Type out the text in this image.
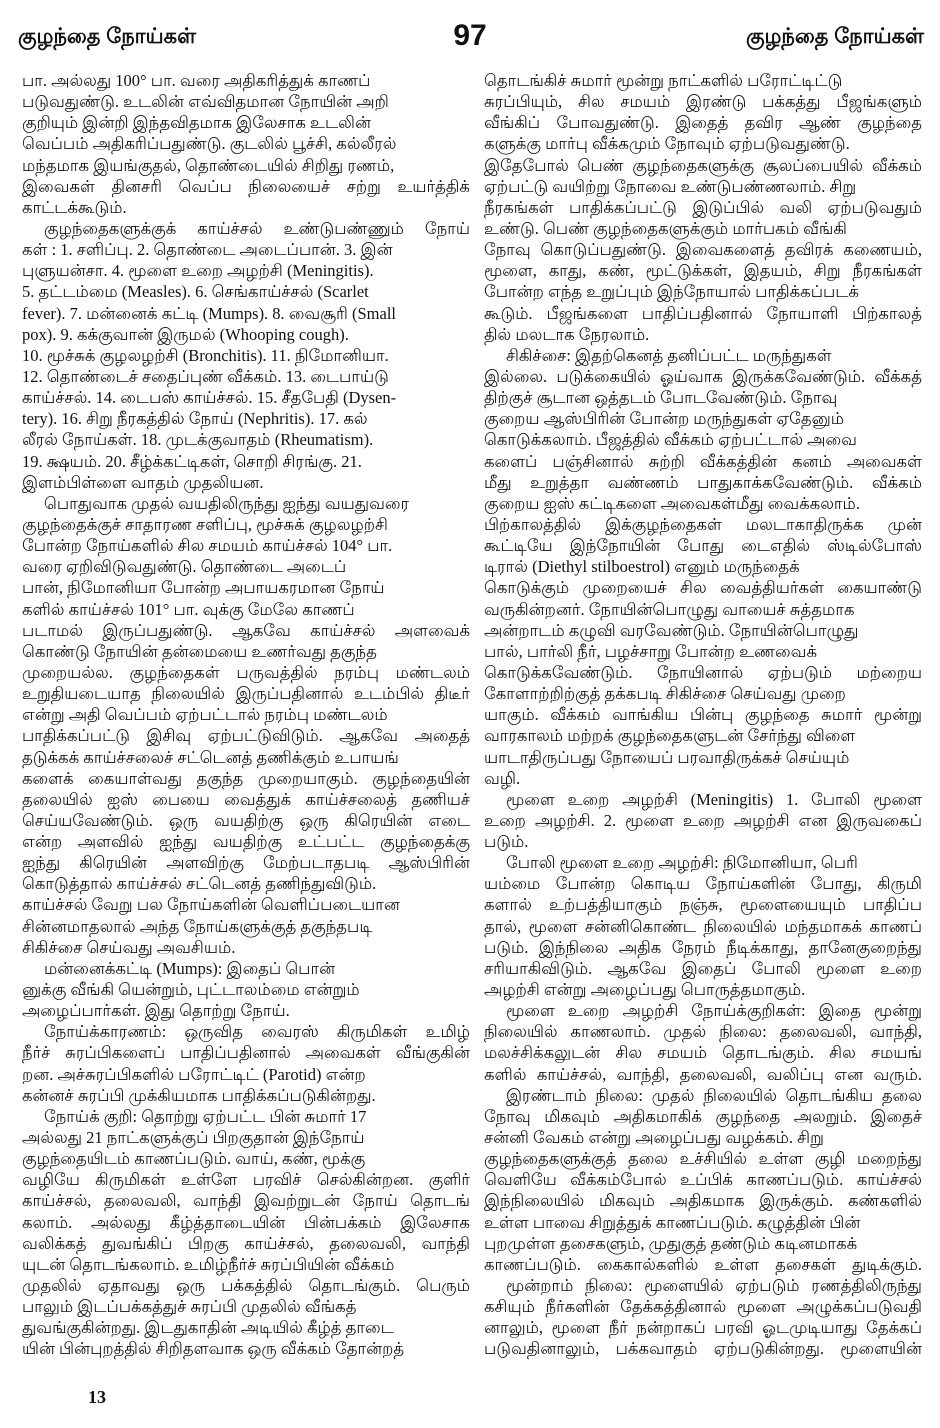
குழந்தை நோய்கள்	97	குழந்தை நோய்கள்
பா. அல்லது 100° பா. வரை அதிகரித்துக் காணப்
படுவதுண்டு. உடலின் எவ்விதமான நோயின் அறி
குறியும் இன்றி இந்தவிதமாக இலேசாக உடலின்
வெப்பம் அதிகரிப்பதுண்டு. குடலில் பூச்சி, கல்லீரல்
மந்தமாக இயங்குதல், தொண்டையில் சிறிது ரணம்,
இவைகள் தினசரி வெப்ப நிலையைச் சற்று உயர்த்திக்
காட்டக்கூடும்.
குழந்தைகளுக்குக் காய்ச்சல் உண்டுபண்ணும் நோய்
கள் : 1. சளிப்பு. 2. தொண்டை அடைப்பான். 3. இன்
புளுயன்சா. 4. மூளை உறை அழற்சி (Meningitis).
5. தட்டம்மை (Measles). 6. செங்காய்ச்சல் (Scarlet
fever). 7. மன்னைக் கட்டி (Mumps). 8. வைசூரி (Small
pox). 9. கக்குவான் இருமல் (Whooping cough).
10. மூச்சுக் குழலழற்சி (Bronchitis). 11. நிமோனியா.
12. தொண்டைச் சதைப்புண் வீக்கம். 13. டைபாய்டு
காய்ச்சல். 14. டைபஸ் காய்ச்சல். 15. சீதபேதி (Dysen-
tery). 16. சிறு நீரகத்தில் நோய் (Nephritis). 17. கல்
லீரல் நோய்கள். 18. முடக்குவாதம் (Rheumatism).
19. க்ஷயம். 20. சீழ்க்கட்டிகள், சொறி சிரங்கு. 21.
இளம்பிள்ளை வாதம் முதலியன.
பொதுவாக முதல் வயதிலிருந்து ஐந்து வயதுவரை
குழந்தைக்குச் சாதாரண சளிப்பு, மூச்சுக் குழலழற்சி
போன்ற நோய்களில் சில சமயம் காய்ச்சல் 104° பா.
வரை ஏறிவிடுவதுண்டு. தொண்டை அடைப்
பான், நிமோனியா போன்ற அபாயகரமான நோய்
களில் காய்ச்சல் 101° பா. வுக்கு மேலே காணப்
படாமல் இருப்பதுண்டு. ஆகவே காய்ச்சல் அளவைக்
கொண்டு நோயின் தன்மையை உணர்வது தகுந்த
முறையல்ல. குழந்தைகள் பருவத்தில் நரம்பு மண்டலம்
உறுதியடையாத நிலையில் இருப்பதினால் உடம்பில் திடீர்
என்று அதி வெப்பம் ஏற்பட்டால் நரம்பு மண்டலம்
பாதிக்கப்பட்டு இசிவு ஏற்பட்டுவிடும். ஆகவே அதைத்
தடுக்கக் காய்ச்சலைச் சட்டெனத் தணிக்கும் உபாயங்
களைக் கையாள்வது தகுந்த முறையாகும். குழந்தையின்
தலையில் ஐஸ் பையை வைத்துக் காய்ச்சலைத் தணியச்
செய்யவேண்டும். ஒரு வயதிற்கு ஒரு கிரெயின் எடை
என்ற அளவில் ஐந்து வயதிற்கு உட்பட்ட குழந்தைக்கு
ஐந்து கிரெயின் அளவிற்கு மேற்படாதபடி ஆஸ்பிரின்
கொடுத்தால் காய்ச்சல் சட்டெனத் தணிந்துவிடும்.
காய்ச்சல் வேறு பல நோய்களின் வெளிப்படையான
சின்னமாதலால் அந்த நோய்களுக்குத் தகுந்தபடி
சிகிச்சை செய்வது அவசியம்.
மன்னைக்கட்டி (Mumps): இதைப் பொன்
னுக்கு வீங்கி யென்றும், புட்டாலம்மை என்றும்
அழைப்பார்கள். இது தொற்று நோய்.
நோய்க்காரணம்: ஒருவித வைரஸ் கிருமிகள் உமிழ்
நீர்ச் சுரப்பிகளைப் பாதிப்பதினால் அவைகள் வீங்குகின்
றன. அச்சுரப்பிகளில் பரோட்டிட் (Parotid) என்ற
கன்னச் சுரப்பி முக்கியமாக பாதிக்கப்படுகின்றது.
நோய்க் குறி: தொற்று ஏற்பட்ட பின் சுமார் 17
அல்லது 21 நாட்களுக்குப் பிறகுதான் இந்நோய்
குழந்தையிடம் காணப்படும். வாய், கண், மூக்கு
வழியே கிருமிகள் உள்ளே பரவிச் செல்கின்றன. குளிர்
காய்ச்சல், தலைவலி, வாந்தி இவற்றுடன் நோய் தொடங்
கலாம். அல்லது கீழ்த்தாடையின் பின்பக்கம் இலேசாக
வலிக்கத் துவங்கிப் பிறகு காய்ச்சல், தலைவலி, வாந்தி
யுடன் தொடங்கலாம். உமிழ்நீர்ச் சுரப்பியின் வீக்கம்
முதலில் ஏதாவது ஒரு பக்கத்தில் தொடங்கும். பெரும்
பாலும் இடப்பக்கத்துச் சுரப்பி முதலில் வீங்கத்
துவங்குகின்றது. இடதுகாதின் அடியில் கீழ்த் தாடை
யின் பின்புறத்தில் சிறிதளவாக ஒரு வீக்கம் தோன்றத்
தொடங்கிச் சுமார் மூன்று நாட்களில் பரோட்டிட்டு
சுரப்பியும், சில சமயம் இரண்டு பக்கத்து பீஜங்களும்
வீங்கிப் போவதுண்டு. இதைத் தவிர ஆண் குழந்தை
களுக்கு மார்பு வீக்கமும் நோவும் ஏற்படுவதுண்டு.
இதேபோல் பெண் குழந்தைகளுக்கு சூலப்பையில் வீக்கம்
ஏற்பட்டு வயிற்று நோவை உண்டுபண்ணலாம். சிறு
நீரகங்கள் பாதிக்கப்பட்டு இடுப்பில் வலி ஏற்படுவதும்
உண்டு. பெண் குழந்தைகளுக்கும் மார்பகம் வீங்கி
நோவு கொடுப்பதுண்டு. இவைகளைத் தவிரக் கணையம்,
மூளை, காது, கண், மூட்டுக்கள், இதயம், சிறு நீரகங்கள்
போன்ற எந்த உறுப்பும் இந்நோயால் பாதிக்கப்படக்
கூடும். பீஜங்களை பாதிப்பதினால் நோயாளி பிற்காலத்
தில் மலடாக நேரலாம்.
சிகிச்சை: இதற்கெனத் தனிப்பட்ட மருந்துகள்
இல்லை. படுக்கையில் ஓய்வாக இருக்கவேண்டும். வீக்கத்
திற்குச் சூடான ஒத்தடம் போடவேண்டும். நோவு
குறைய ஆஸ்பிரின் போன்ற மருந்துகள் ஏதேனும்
கொடுக்கலாம். பீஜத்தில் வீக்கம் ஏற்பட்டால் அவை
களைப் பஞ்சினால் சுற்றி வீக்கத்தின் கனம் அவைகள்
மீது உறுத்தா வண்ணம் பாதுகாக்கவேண்டும். வீக்கம்
குறைய ஐஸ் கட்டிகளை அவைகள்மீது வைக்கலாம்.
பிற்காலத்தில் இக்குழந்தைகள் மலடாகாதிருக்க முன்
கூட்டியே இந்நோயின் போது டைஎதில் ஸ்டில்போஸ்
டிரால் (Diethyl stilboestrol) எனும் மருந்தைக்
கொடுக்கும் முறையைச் சில வைத்தியர்கள் கையாண்டு
வருகின்றனர். நோயின்பொழுது வாயைச் சுத்தமாக
அன்றாடம் கழுவி வரவேண்டும். நோயின்பொழுது
பால், பார்லி நீர், பழச்சாறு போன்ற உணவைக்
கொடுக்கவேண்டும். நோயினால் ஏற்படும் மற்றைய
கோளாற்றிற்குத் தக்கபடி சிகிச்சை செய்வது முறை
யாகும். வீக்கம் வாங்கிய பின்பு குழந்தை சுமார் மூன்று
வாரகாலம் மற்றக் குழந்தைகளுடன் சேர்ந்து விளை
யாடாதிருப்பது நோயைப் பரவாதிருக்கச் செய்யும்
வழி.
மூளை உறை அழற்சி (Meningitis) 1. போலி மூளை
உறை அழற்சி. 2. மூளை உறை அழற்சி என இருவகைப்
படும்.
போலி மூளை உறை அழற்சி: நிமோனியா, பெரி
யம்மை போன்ற கொடிய நோய்களின் போது, கிருமி
களால் உற்பத்தியாகும் நஞ்சு, மூளையையும் பாதிப்ப
தால், மூளை சன்னிகொண்ட நிலையில் மந்தமாகக் காணப்
படும். இந்நிலை அதிக நேரம் நீடிக்காது, தானேகுறைந்து
சரியாகிவிடும். ஆகவே இதைப் போலி மூளை உறை
அழற்சி என்று அழைப்பது பொருத்தமாகும்.
மூளை உறை அழற்சி நோய்க்குறிகள்: இதை மூன்று
நிலையில் காணலாம். முதல் நிலை: தலைவலி, வாந்தி,
மலச்சிக்கலுடன் சில சமயம் தொடங்கும். சில சமயங்
களில் காய்ச்சல், வாந்தி, தலைவலி, வலிப்பு என வரும்.
இரண்டாம் நிலை: முதல் நிலையில் தொடங்கிய தலை
நோவு மிகவும் அதிகமாகிக் குழந்தை அலறும். இதைச்
சன்னி வேகம் என்று அழைப்பது வழக்கம். சிறு
குழந்தைகளுக்குத் தலை உச்சியில் உள்ள குழி மறைந்து
வெளியே வீக்கம்போல் உப்பிக் காணப்படும். காய்ச்சல்
இந்நிலையில் மிகவும் அதிகமாக இருக்கும். கண்களில்
உள்ள பாவை சிறுத்துக் காணப்படும். கழுத்தின் பின்
புறமுள்ள தசைகளும், முதுகுத் தண்டும் கடினமாகக்
காணப்படும். கைகால்களில் உள்ள தசைகள் துடிக்கும்.
மூன்றாம் நிலை: மூளையில் ஏற்படும் ரணத்திலிருந்து
கசியும் நீர்களின் தேக்கத்தினால் மூளை அழுக்கப்படுவதி
னாலும், மூளை நீர் நன்றாகப் பரவி ஓடமுடியாது தேக்கப்
படுவதினாலும், பக்கவாதம் ஏற்படுகின்றது. மூளையின்
13
